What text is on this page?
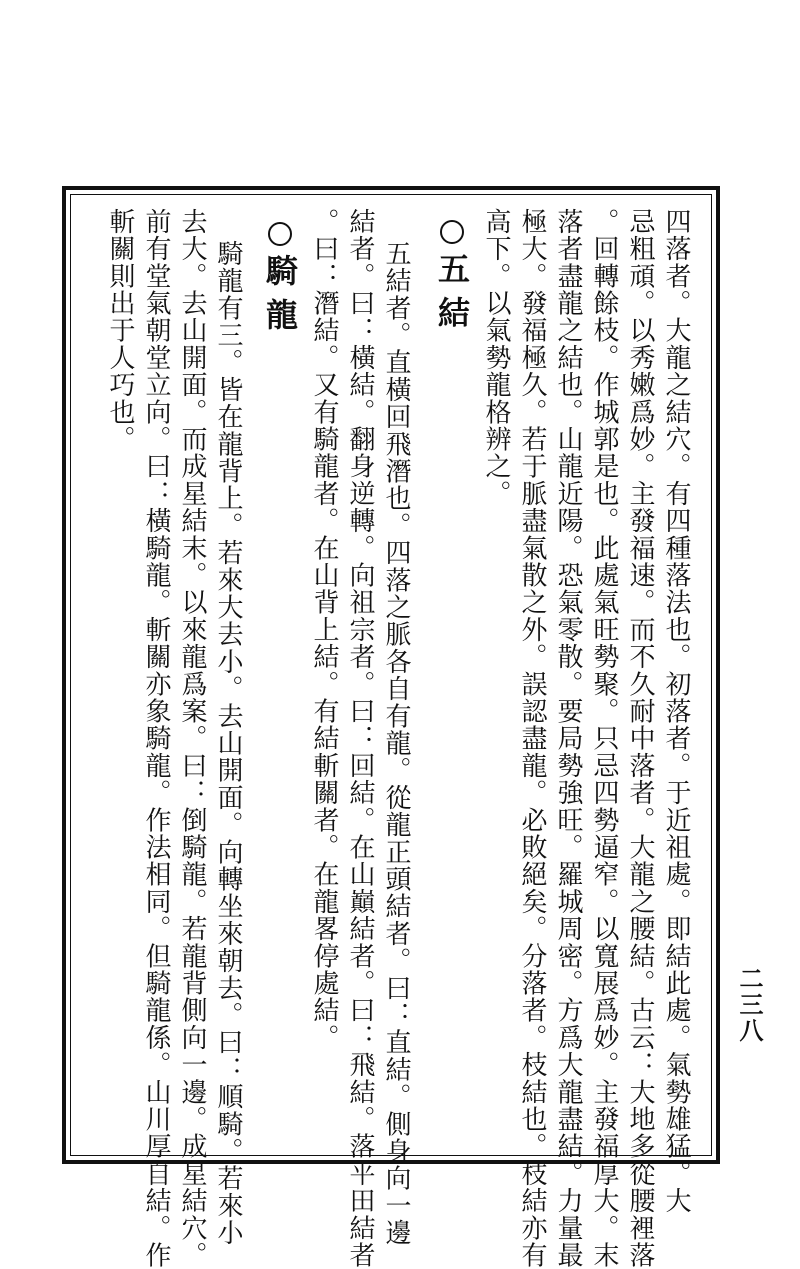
四落者。大龍之結穴。有四種落法也。初落者。于近祖處。即結此處。氣勢雄猛。大
忌粗頑。以秀嫩爲妙。主發福速。而不久耐中落者。大龍之腰結。古云：大地多從腰裡落
。回轉餘枝。作城郭是也。此處氣旺勢聚。只忌四勢逼窄。以寬展爲妙。主發福厚大。末
落者盡龍之結也。山龍近陽。恐氣零散。要局勢強旺。羅城周密。方爲大龍盡結。力量最
極大。發福極久。若于脈盡氣散之外。誤認盡龍。必敗絕矣。分落者。枝結也。枝結亦有
高下。以氣勢龍格辨之。
五結
五結者。直橫回飛潛也。四落之脈各自有龍。從龍正頭結者。曰：直結。側身向一邊
結者。曰：橫結。翻身逆轉。向祖宗者。曰：回結。在山巔結者。曰：飛結。落平田結者
。曰：潛結。又有騎龍者。在山背上結。有結斬關者。在龍畧停處結。
騎龍
騎龍有三。皆在龍背上。若來大去小。去山開面。向轉坐來朝去。曰：順騎。若來小
去大。去山開面。而成星結末。以來龍爲案。曰：倒騎龍。若龍背側向一邊。成星結穴。
前有堂氣朝堂立向。曰：橫騎龍。斬關亦象騎龍。作法相同。但騎龍係。山川厚自結。作
斬關則出于人巧也。
二三八
